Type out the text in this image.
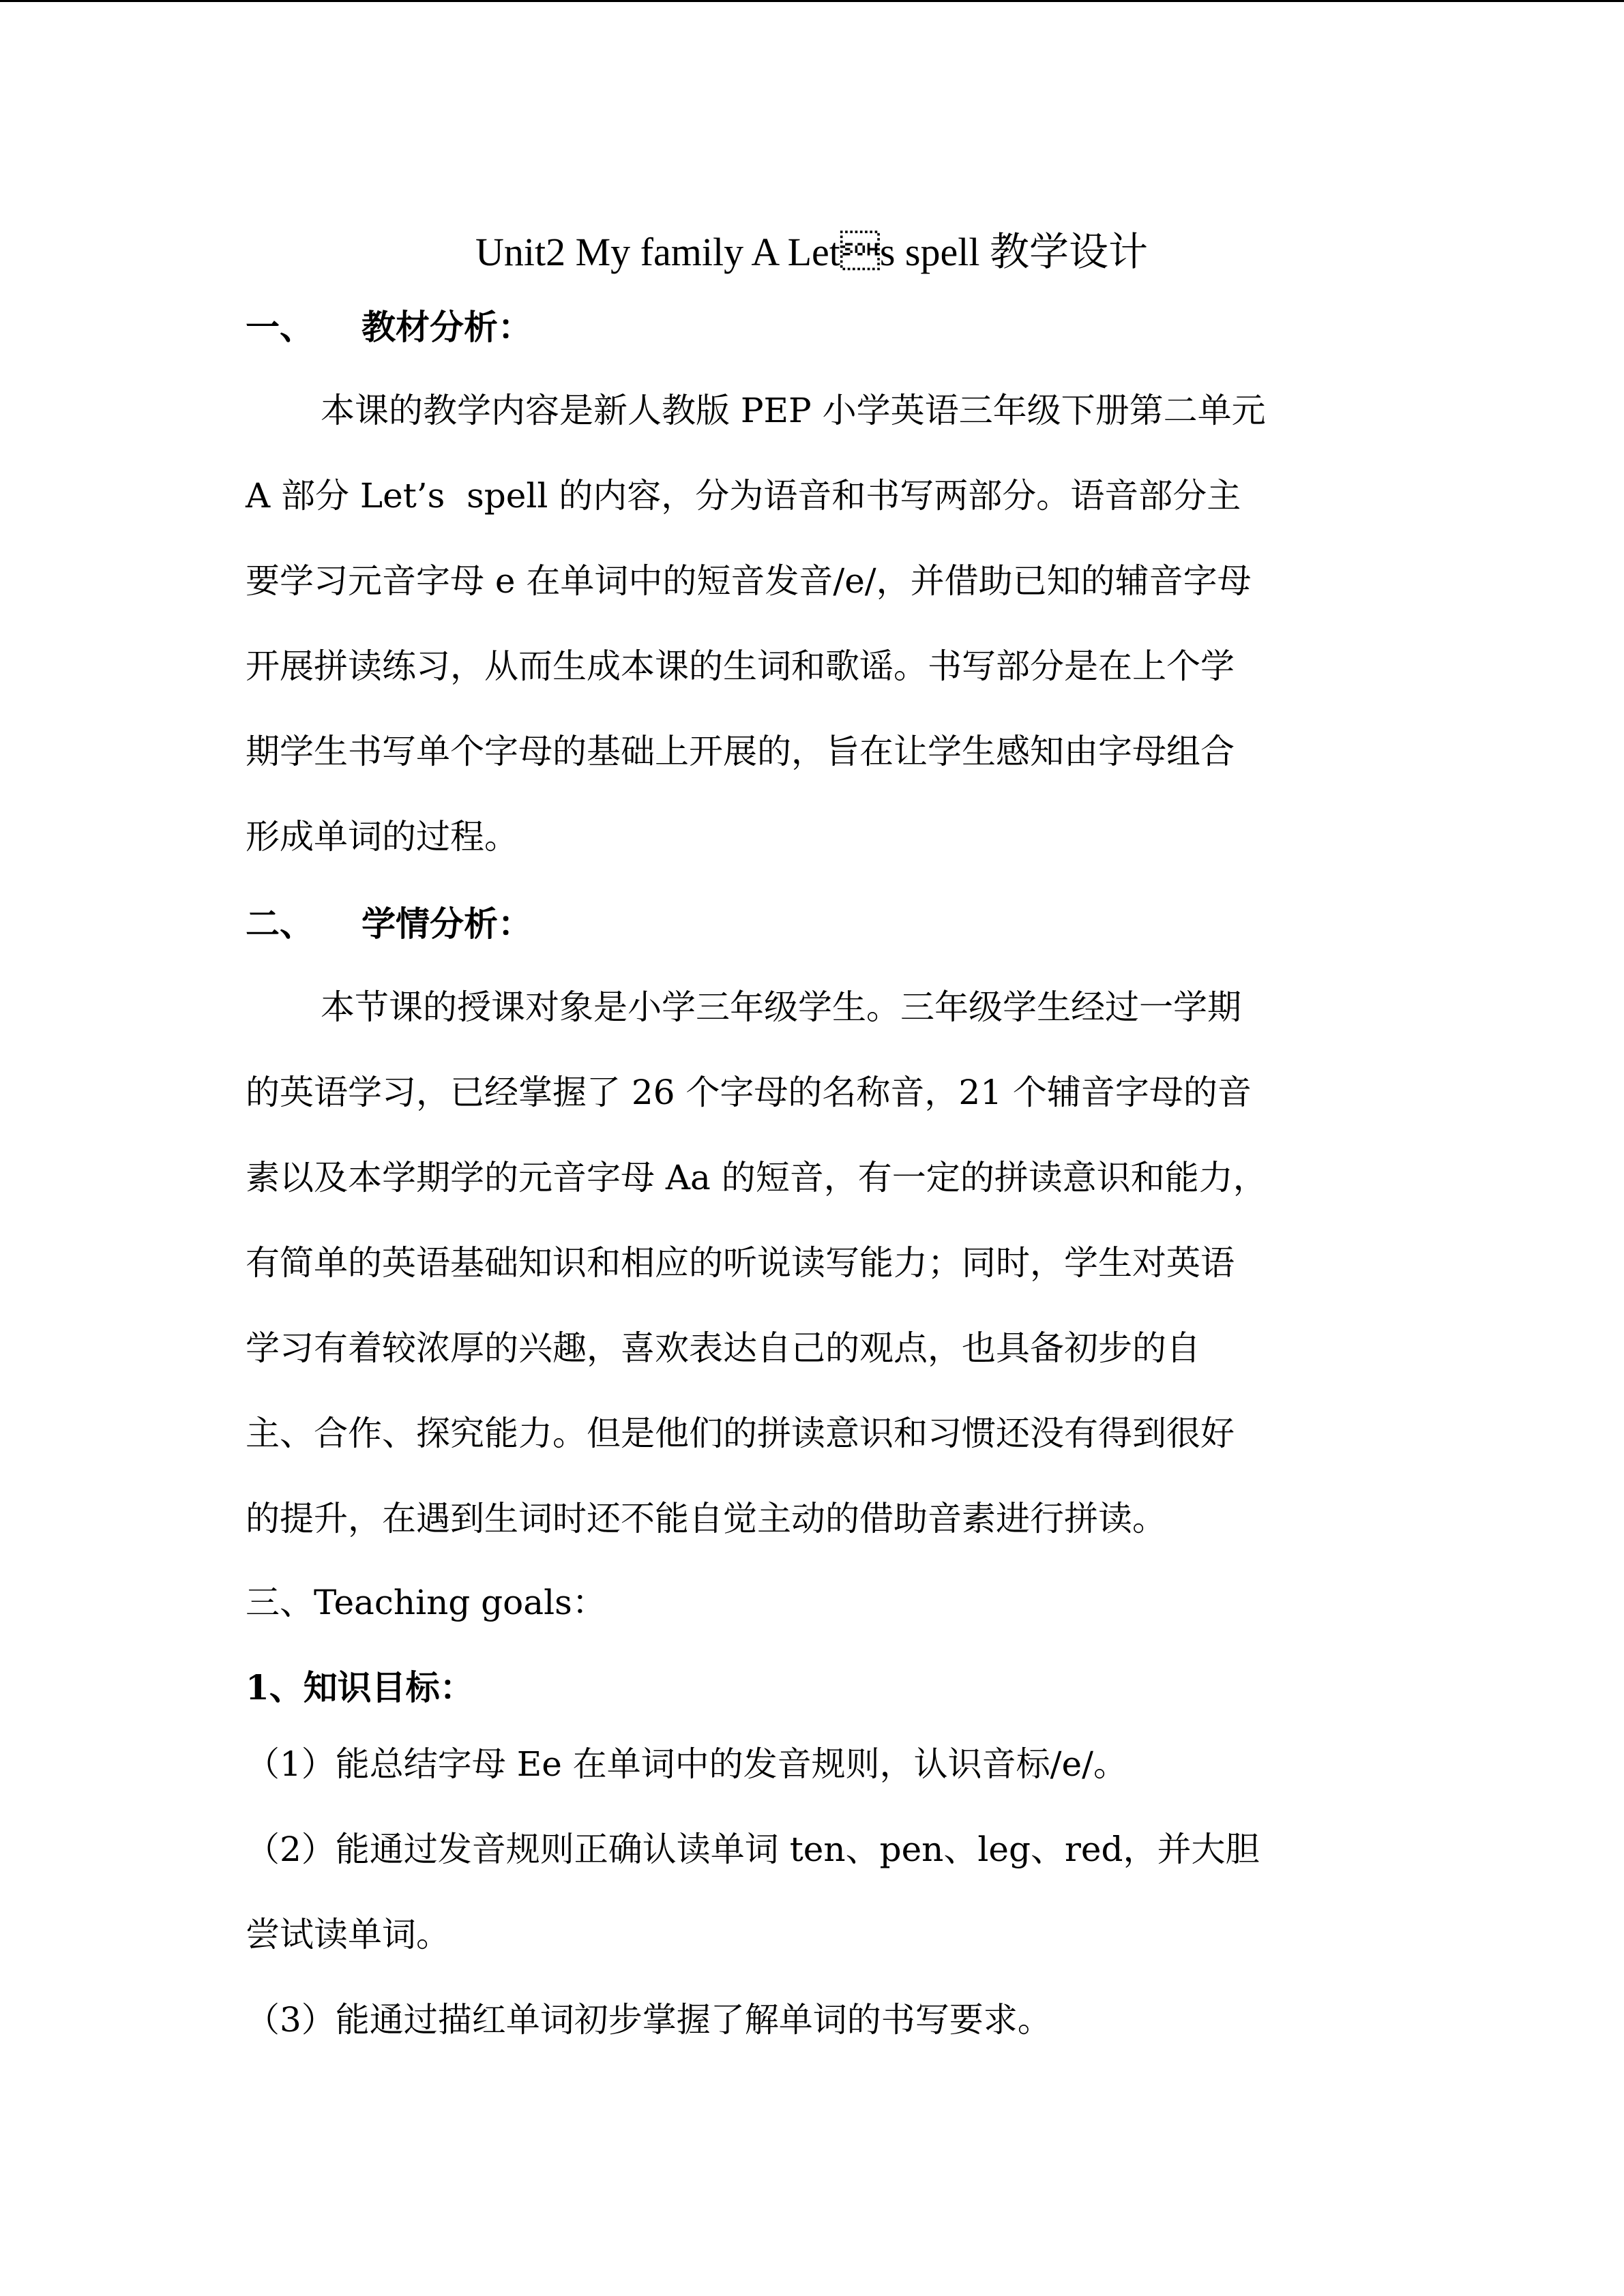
Unit2 My family A Lets spell 教学设计
一、 教材分析：
本课的教学内容是新人教版 PEP 小学英语三年级下册第二单元
A 部分 Let’s  spell 的内容，分为语音和书写两部分。语音部分主
要学习元音字母 e 在单词中的短音发音/e/，并借助已知的辅音字母
开展拼读练习，从而生成本课的生词和歌谣。书写部分是在上个学
期学生书写单个字母的基础上开展的，旨在让学生感知由字母组合
形成单词的过程。
二、 学情分析：
本节课的授课对象是小学三年级学生。三年级学生经过一学期
的英语学习，已经掌握了 26 个字母的名称音，21 个辅音字母的音
素以及本学期学的元音字母 Aa 的短音，有一定的拼读意识和能力，
有简单的英语基础知识和相应的听说读写能力；同时，学生对英语
学习有着较浓厚的兴趣，喜欢表达自己的观点，也具备初步的自
主、合作、探究能力。但是他们的拼读意识和习惯还没有得到很好
的提升，在遇到生词时还不能自觉主动的借助音素进行拼读。
三、Teaching goals：
1、知识目标：
（1）能总结字母 Ee 在单词中的发音规则，认识音标/e/。
（2）能通过发音规则正确认读单词 ten、pen、leg、red，并大胆
尝试读单词。
（3）能通过描红单词初步掌握了解单词的书写要求。
